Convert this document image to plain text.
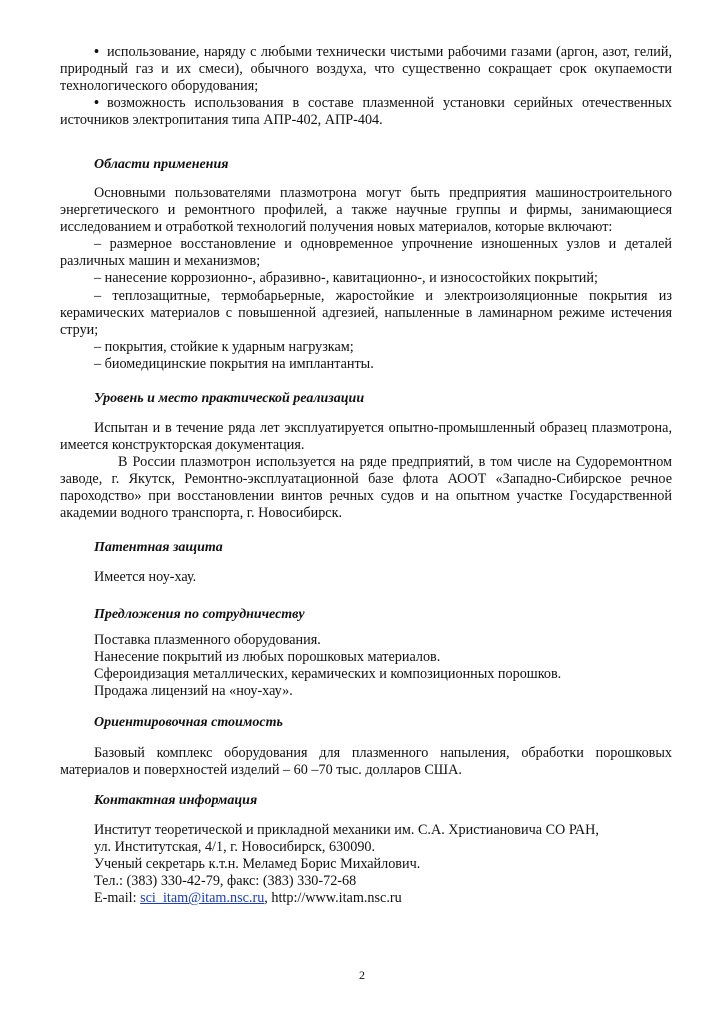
• использование, наряду с любыми технически чистыми рабочими газами (аргон, азот, гелий, природный газ и их смеси), обычного воздуха, что существенно сокращает срок окупаемости технологического оборудования;

• возможность использования в составе плазменной установки серийных отечественных источников электропитания типа АПР-402, АПР-404.

Области применения

Основными пользователями плазмотрона могут быть предприятия машиностроительного энергетического и ремонтного профилей, а также научные группы и фирмы, занимающиеся исследованием и отработкой технологий получения новых материалов, которые включают:

– размерное восстановление и одновременное упрочнение изношенных узлов и деталей различных машин и механизмов;

– нанесение коррозионно-, абразивно-, кавитационно-, и износостойких покрытий;

– теплозащитные, термобарьерные, жаростойкие и электроизоляционные покрытия из керамических материалов с повышенной адгезией, напыленные в ламинарном режиме истечения струи;

– покрытия, стойкие к ударным нагрузкам;

– биомедицинские покрытия на имплантанты.

Уровень и место практической реализации

Испытан и в течение ряда лет эксплуатируется опытно-промышленный образец плазмотрона, имеется конструкторская документация.

В России плазмотрон используется на ряде предприятий, в том числе на Судоремонтном заводе, г. Якутск, Ремонтно-эксплуатационной базе флота АООТ «Западно-Сибирское речное пароходство» при восстановлении винтов речных судов и на опытном участке Государственной академии водного транспорта, г. Новосибирск.

Патентная защита

Имеется ноу-хау.

Предложения по сотрудничеству

Поставка плазменного оборудования.

Нанесение покрытий из любых порошковых материалов.

Сфероидизация металлических, керамических и композиционных порошков.

Продажа лицензий на «ноу-хау».

Ориентировочная стоимость

Базовый комплекс оборудования для плазменного напыления, обработки порошковых материалов и поверхностей изделий – 60 –70 тыс. долларов США.

Контактная информация

Институт теоретической и прикладной механики им. С.А. Христиановича СО РАН,

ул. Институтская, 4/1, г. Новосибирск, 630090.

Ученый секретарь к.т.н. Меламед Борис Михайлович.

Тел.: (383) 330-42-79, факс: (383) 330-72-68

E-mail: sci_itam@itam.nsc.ru, http://www.itam.nsc.ru

2
